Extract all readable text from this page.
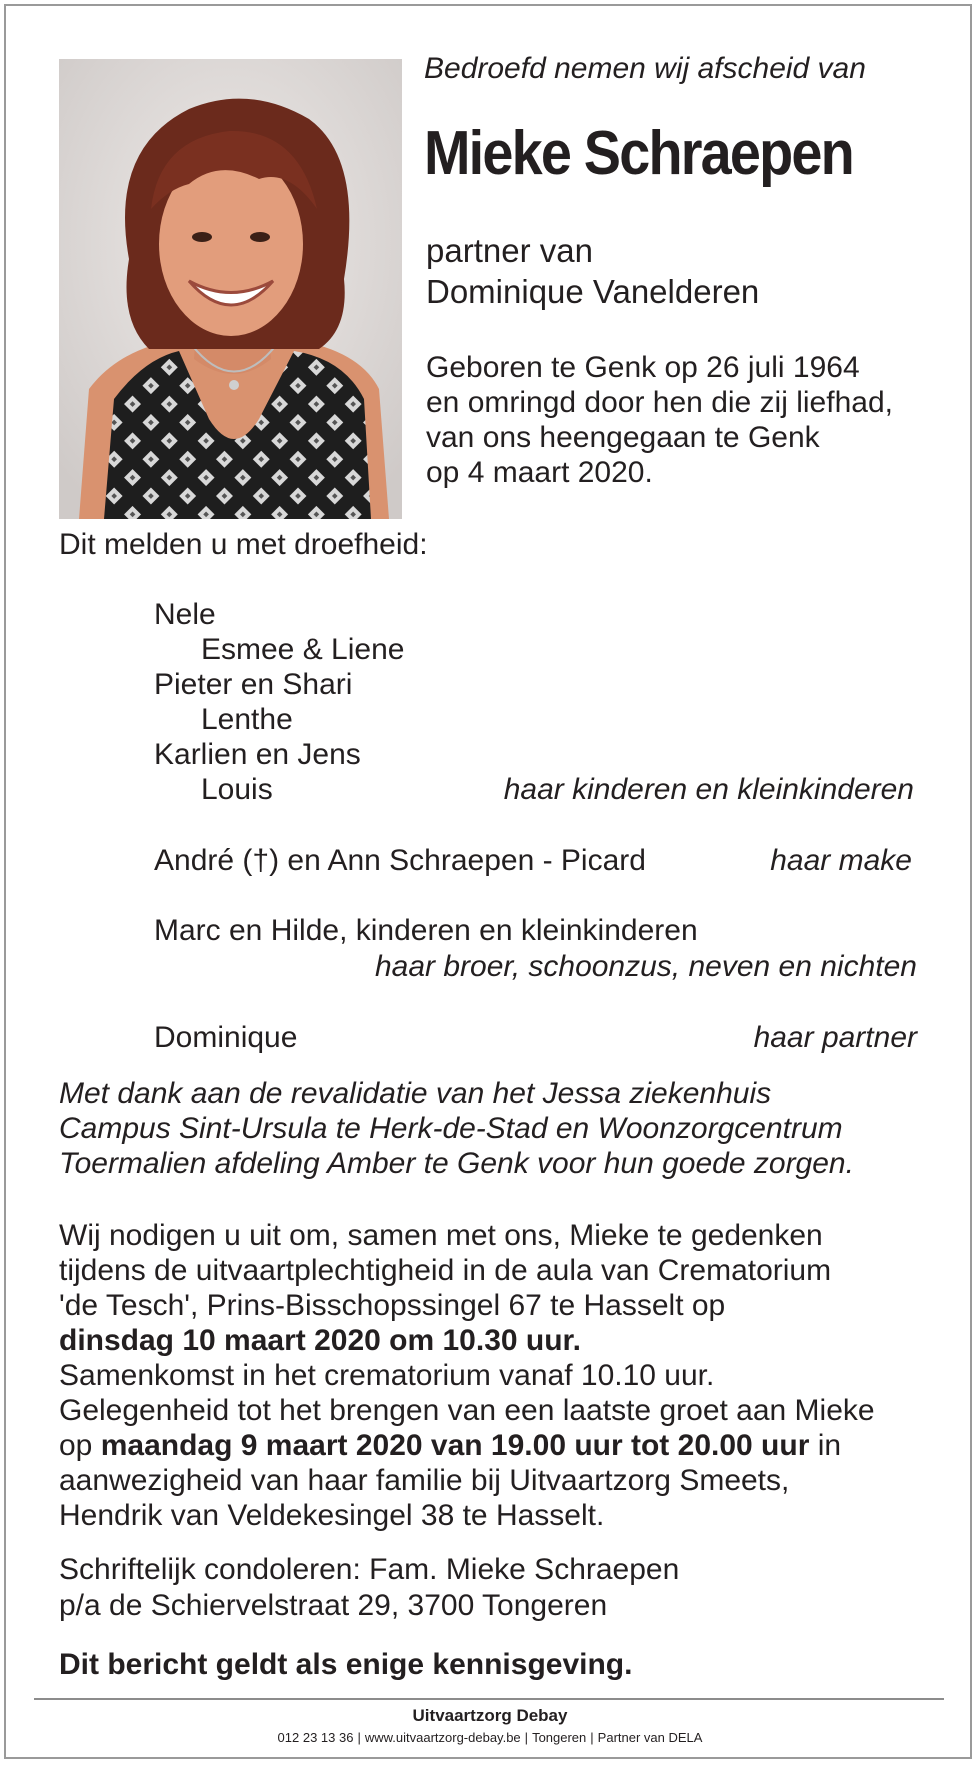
Bedroefd nemen wij afscheid van
Mieke Schraepen
partner van
Dominique Vanelderen
Geboren te Genk op 26 juli 1964
en omringd door hen die zij liefhad,
van ons heengegaan te Genk
op 4 maart 2020.
Dit melden u met droefheid:
Nele
Esmee & Liene
Pieter en Shari
Lenthe
Karlien en Jens
Louis	haar kinderen en kleinkinderen
André (†) en Ann Schraepen - Picard	haar make
Marc en Hilde, kinderen en kleinkinderen
haar broer, schoonzus, neven en nichten
Dominique	haar partner
Met dank aan de revalidatie van het Jessa ziekenhuis
Campus Sint-Ursula te Herk-de-Stad en Woonzorgcentrum
Toermalien afdeling Amber te Genk voor hun goede zorgen.
Wij nodigen u uit om, samen met ons, Mieke te gedenken
tijdens de uitvaartplechtigheid in de aula van Crematorium
'de Tesch', Prins-Bisschopssingel 67 te Hasselt op
dinsdag 10 maart 2020 om 10.30 uur.
Samenkomst in het crematorium vanaf 10.10 uur.
Gelegenheid tot het brengen van een laatste groet aan Mieke
op maandag 9 maart 2020 van 19.00 uur tot 20.00 uur in
aanwezigheid van haar familie bij Uitvaartzorg Smeets,
Hendrik van Veldekesingel 38 te Hasselt.
Schriftelijk condoleren: Fam. Mieke Schraepen
p/a de Schiervelstraat 29, 3700 Tongeren
Dit bericht geldt als enige kennisgeving.
Uitvaartzorg Debay
012 23 13 36 | www.uitvaartzorg-debay.be | Tongeren | Partner van DELA
